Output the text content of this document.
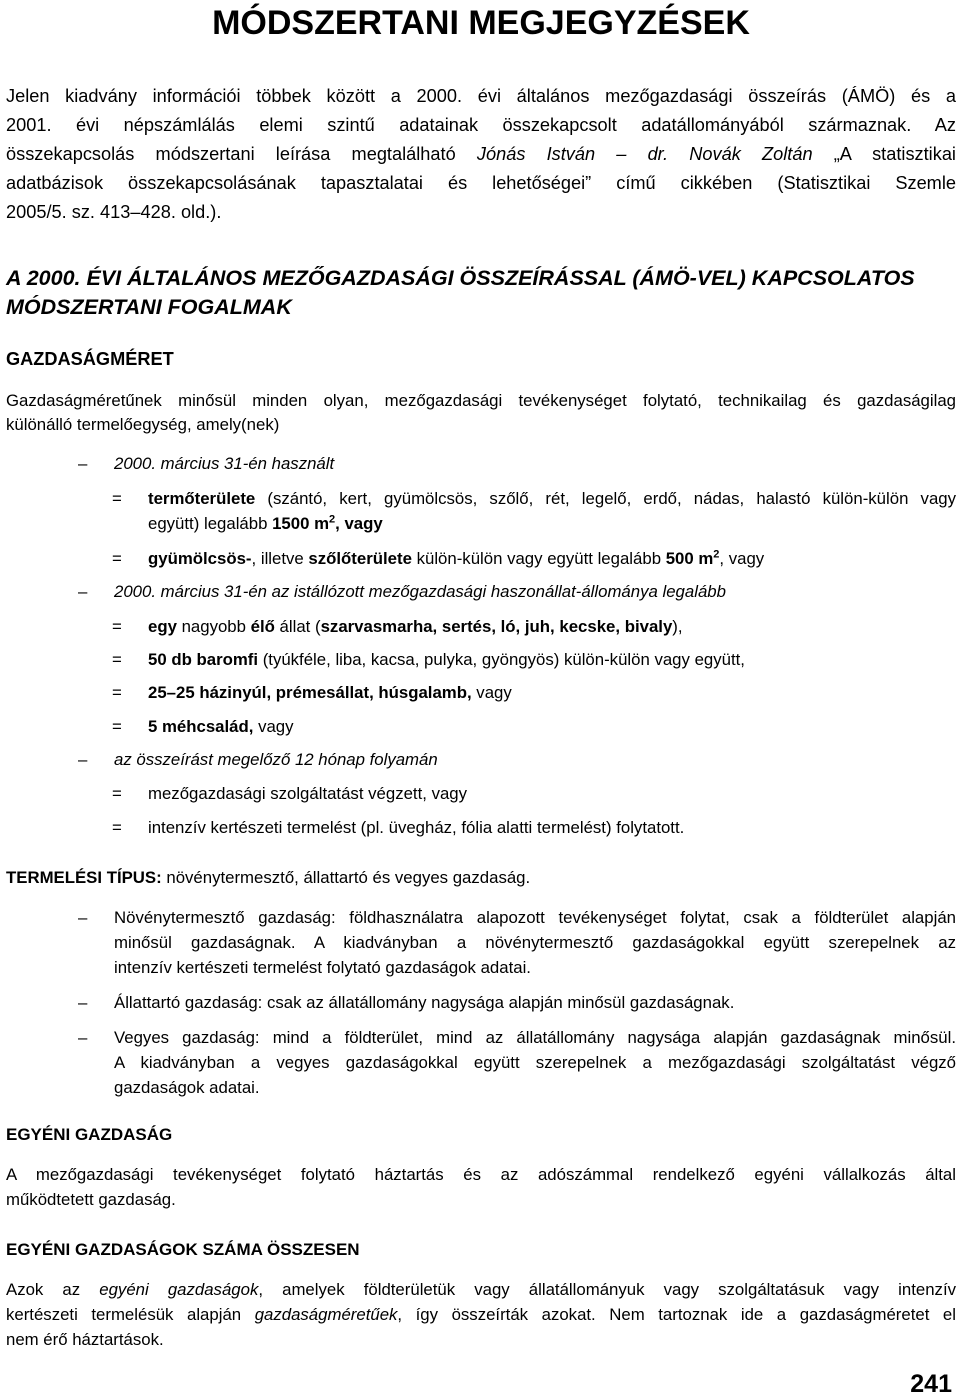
MÓDSZERTANI MEGJEGYZÉSEK

Jelen kiadvány információi többek között a 2000. évi általános mezőgazdasági összeírás (ÁMÖ) és a

2001. évi népszámlálás elemi szintű adatainak összekapcsolt adatállományából származnak. Az

összekapcsolás módszertani leírása megtalálható Jónás István – dr. Novák Zoltán „A statisztikai

adatbázisok összekapcsolásának tapasztalatai és lehetőségei” című cikkében (Statisztikai Szemle

2005/5. sz. 413–428. old.).

A 2000. ÉVI ÁLTALÁNOS MEZŐGAZDASÁGI ÖSSZEÍRÁSSAL (ÁMÖ-VEL) KAPCSOLATOS

MÓDSZERTANI FOGALMAK

GAZDASÁGMÉRET

Gazdaságméretűnek minősül minden olyan, mezőgazdasági tevékenységet folytató, technikailag és gazdaságilag

különálló termelőegység, amely(nek)

– 2000. március 31-én használt

= termőterülete (szántó, kert, gyümölcsös, szőlő, rét, legelő, erdő, nádas, halastó külön-külön vagy

együtt) legalább 1500 $m^2$, vagy

= gyümölcsös-, illetve szőlőterülete külön-külön vagy együtt legalább 500 $m^2$, vagy

– 2000. március 31-én az istállózott mezőgazdasági haszonállat-állománya legalább

= egy nagyobb élő állat (szarvasmarha, sertés, ló, juh, kecske, bivaly),

= 50 db baromfi (tyúkféle, liba, kacsa, pulyka, gyöngyös) külön-külön vagy együtt,

= 25–25 házinyúl, prémesállat, húsgalamb, vagy

= 5 méhcsalád, vagy

– az összeírást megelőző 12 hónap folyamán

= mezőgazdasági szolgáltatást végzett, vagy

= intenzív kertészeti termelést (pl. üvegház, fólia alatti termelést) folytatott.

TERMELÉSI TÍPUS: növénytermesztő, állattartó és vegyes gazdaság.

– Növénytermesztő gazdaság: földhasználatra alapozott tevékenységet folytat, csak a földterület alapján

minősül gazdaságnak. A kiadványban a növénytermesztő gazdaságokkal együtt szerepelnek az

intenzív kertészeti termelést folytató gazdaságok adatai.

– Állattartó gazdaság: csak az állatállomány nagysága alapján minősül gazdaságnak.

– Vegyes gazdaság: mind a földterület, mind az állatállomány nagysága alapján gazdaságnak minősül.

A kiadványban a vegyes gazdaságokkal együtt szerepelnek a mezőgazdasági szolgáltatást végző

gazdaságok adatai.

EGYÉNI GAZDASÁG

A mezőgazdasági tevékenységet folytató háztartás és az adószámmal rendelkező egyéni vállalkozás által

működtetett gazdaság.

EGYÉNI GAZDASÁGOK SZÁMA ÖSSZESEN

Azok az egyéni gazdaságok, amelyek földterületük vagy állatállományuk vagy szolgáltatásuk vagy intenzív

kertészeti termelésük alapján gazdaságméretűek, így összeírták azokat. Nem tartoznak ide a gazdaságméretet el

nem érő háztartások.

241
